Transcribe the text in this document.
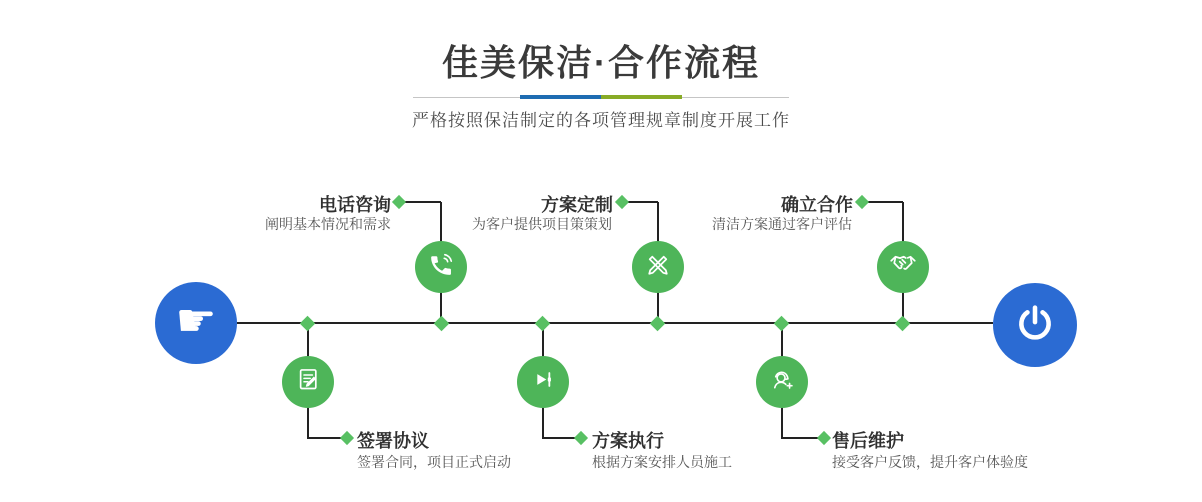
佳美保洁·合作流程
严格按照保洁制定的各项管理规章制度开展工作
☛
电话咨询
阐明基本情况和需求
方案定制
为客户提供项目策策划
确立合作
清洁方案通过客户评估
签署协议
签署合同，项目正式启动
方案执行
根据方案安排人员施工
售后维护
接受客户反馈，提升客户体验度
